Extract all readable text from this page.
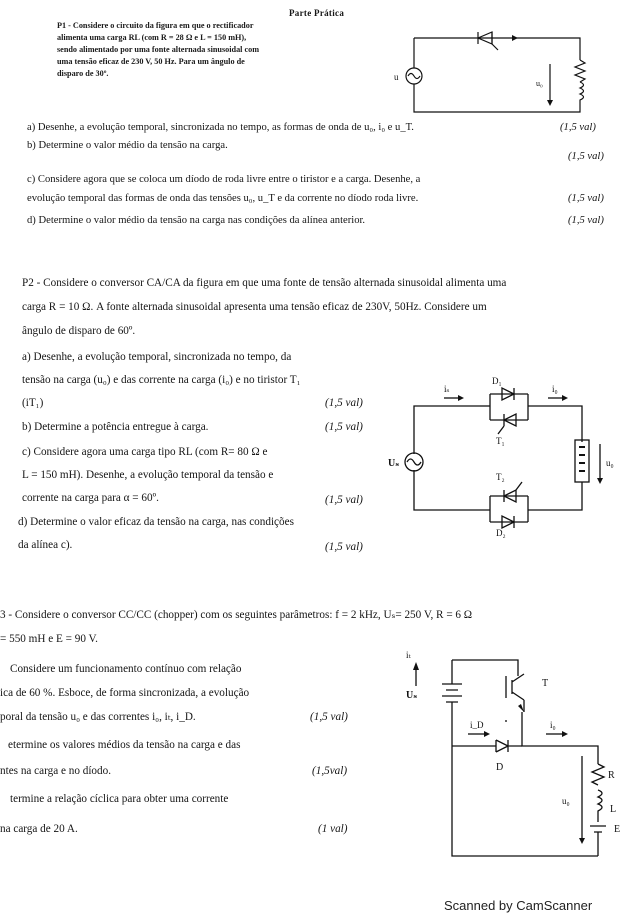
Parte Prática
P1 - Considere o circuito da figura em que o rectificador
alimenta uma carga RL (com R = 28 Ω e L = 150 mH),
sendo alimentado por uma fonte alternada sinusoidal com
uma tensão eficaz de 230 V, 50 Hz. Para um ângulo de
disparo de 30º.	u
u₀
a) Desenhe, a evolução temporal, sincronizada no tempo, as formas de onda de u₀, i₀ e u_T.	(1,5 val)
b) Determine o valor médio da tensão na carga.
(1,5 val)
c) Considere agora que se coloca um díodo de roda livre entre o tiristor e a carga. Desenhe, a
evolução temporal das formas de onda das tensões u₀, u_T e da corrente no díodo roda livre.	(1,5 val)
d) Determine o valor médio da tensão na carga nas condições da alínea anterior.	(1,5 val)
P2 - Considere o conversor CA/CA da figura em que uma fonte de tensão alternada sinusoidal alimenta uma
carga R = 10 Ω. A fonte alternada sinusoidal apresenta uma tensão eficaz de 230V, 50Hz. Considere um
ângulo de disparo de 60º.
a) Desenhe, a evolução temporal, sincronizada no tempo, da
tensão na carga (u₀) e das corrente na carga (i₀) e no tiristor T₁
(iT₁)	(1,5 val)
b) Determine a potência entregue à carga.	(1,5 val)
c) Considere agora uma carga tipo RL (com R= 80 Ω e
L = 150 mH). Desenhe, a evolução temporal da tensão e
corrente na carga para α = 60º.	(1,5 val)
d) Determine o valor eficaz da tensão na carga, nas condições
da alínea c).	(1,5 val)
D₁
T₁
T₂
D₂
Uₛ
iₛ	i₀
u₀
3 - Considere o conversor CC/CC (chopper) com os seguintes parâmetros: f = 2 kHz, Uₛ= 250 V, R = 6 Ω
= 550 mH e E = 90 V.
Considere um funcionamento contínuo com relação
ica de 60 %. Esboce, de forma sincronizada, a evolução
poral da tensão u₀ e das correntes i₀, iₜ, i_D.	(1,5 val)
etermine os valores médios da tensão na carga e das
ntes na carga e no díodo.	(1,5val)
termine a relação cíclica para obter uma corrente
na carga de 20 A.	(1 val)
iₜ
Uₛ
i_D
T
i₀
D
R
u₀
L
E
Scanned by CamScanner
